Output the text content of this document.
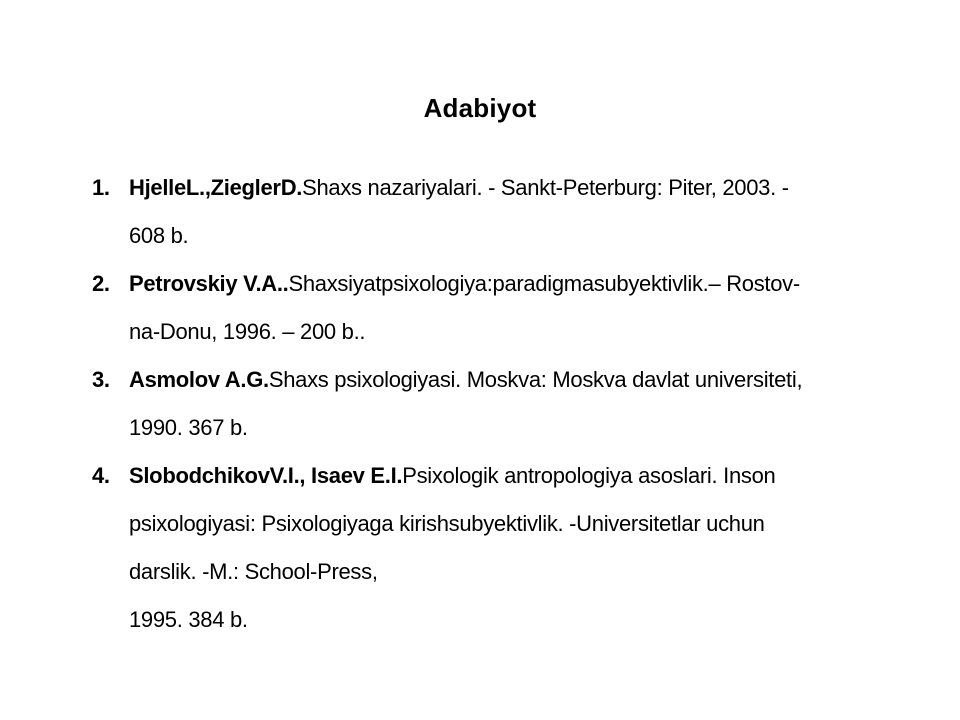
Adabiyot
1. HjelleL.,ZieglerD.Shaxs nazariyalari. - Sankt-Peterburg: Piter, 2003. -
608 b.
2. Petrovskiy V.A..Shaxsiyatpsixologiya:paradigmasubyektivlik.– Rostov-
na-Donu, 1996. – 200 b..
3. Asmolov A.G.Shaxs psixologiyasi. Moskva: Moskva davlat universiteti,
1990. 367 b.
4. SlobodchikovV.I., Isaev E.I.Psixologik antropologiya asoslari. Inson
psixologiyasi: Psixologiyaga kirishsubyektivlik. -Universitetlar uchun
darslik. -M.: School-Press,
1995. 384 b.
